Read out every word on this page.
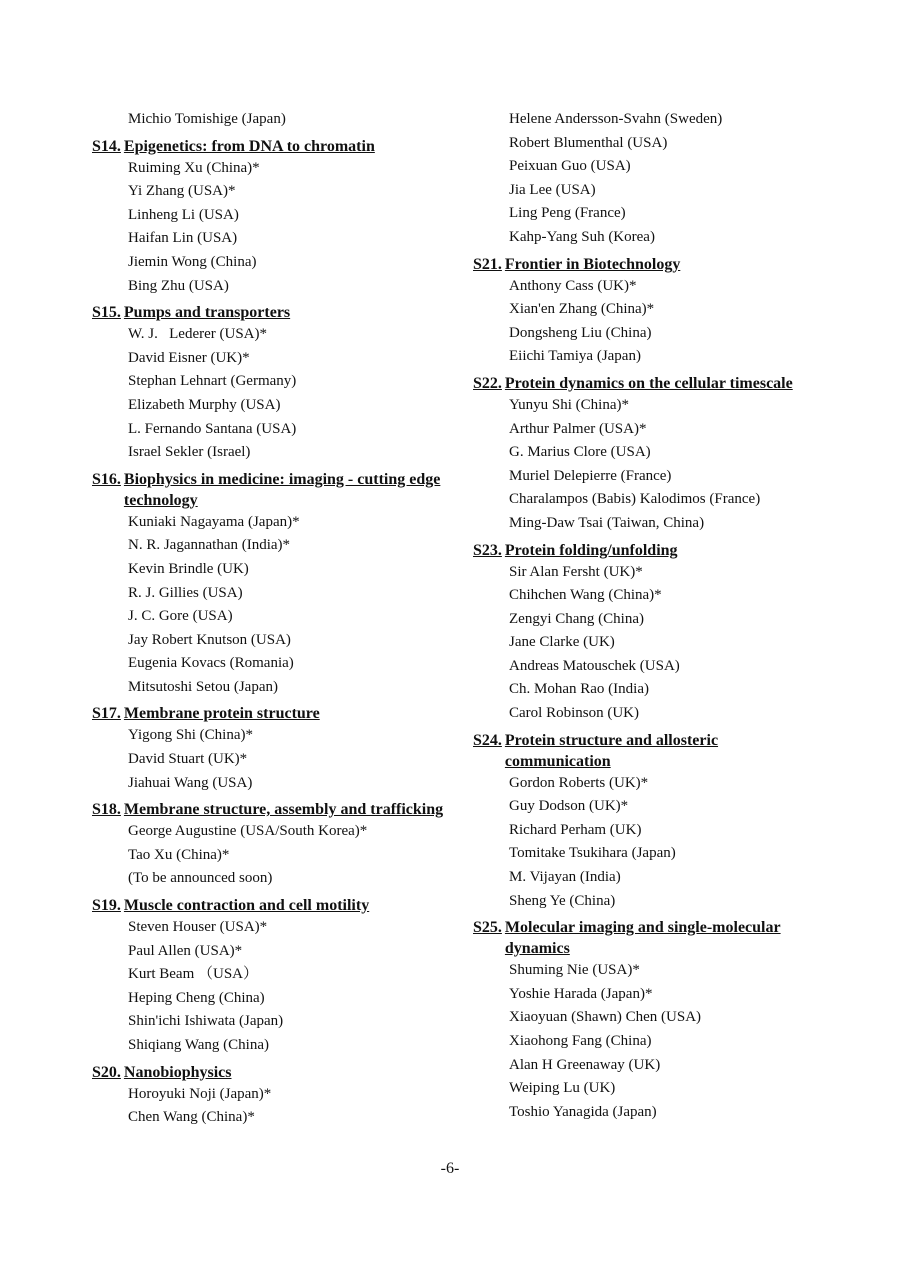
Michio Tomishige (Japan)
S14. Epigenetics: from DNA to chromatin
Ruiming Xu (China)*
Yi Zhang (USA)*
Linheng Li (USA)
Haifan Lin (USA)
Jiemin Wong (China)
Bing Zhu (USA)
S15. Pumps and transporters
W. J.   Lederer (USA)*
David Eisner (UK)*
Stephan Lehnart (Germany)
Elizabeth Murphy (USA)
L. Fernando Santana (USA)
Israel Sekler (Israel)
S16. Biophysics in medicine: imaging - cutting edge technology
Kuniaki Nagayama (Japan)*
N. R. Jagannathan (India)*
Kevin Brindle (UK)
R. J. Gillies (USA)
J. C. Gore (USA)
Jay Robert Knutson (USA)
Eugenia Kovacs (Romania)
Mitsutoshi Setou (Japan)
S17. Membrane protein structure
Yigong Shi (China)*
David Stuart (UK)*
Jiahuai Wang (USA)
S18. Membrane structure, assembly and trafficking
George Augustine (USA/South Korea)*
Tao Xu (China)*
(To be announced soon)
S19. Muscle contraction and cell motility
Steven Houser (USA)*
Paul Allen (USA)*
Kurt Beam （USA）
Heping Cheng (China)
Shin'ichi Ishiwata (Japan)
Shiqiang Wang (China)
S20. Nanobiophysics
Horoyuki Noji (Japan)*
Chen Wang (China)*
Helene Andersson-Svahn (Sweden)
Robert Blumenthal (USA)
Peixuan Guo (USA)
Jia Lee (USA)
Ling Peng (France)
Kahp-Yang Suh (Korea)
S21. Frontier in Biotechnology
Anthony Cass (UK)*
Xian'en Zhang (China)*
Dongsheng Liu (China)
Eiichi Tamiya (Japan)
S22. Protein dynamics on the cellular timescale
Yunyu Shi (China)*
Arthur Palmer (USA)*
G. Marius Clore (USA)
Muriel Delepierre (France)
Charalampos (Babis) Kalodimos (France)
Ming-Daw Tsai (Taiwan, China)
S23. Protein folding/unfolding
Sir Alan Fersht (UK)*
Chihchen Wang (China)*
Zengyi Chang (China)
Jane Clarke (UK)
Andreas Matouschek (USA)
Ch. Mohan Rao (India)
Carol Robinson (UK)
S24. Protein structure and allosteric communication
Gordon Roberts (UK)*
Guy Dodson (UK)*
Richard Perham (UK)
Tomitake Tsukihara (Japan)
M. Vijayan (India)
Sheng Ye (China)
S25. Molecular imaging and single-molecular dynamics
Shuming Nie (USA)*
Yoshie Harada (Japan)*
Xiaoyuan (Shawn) Chen (USA)
Xiaohong Fang (China)
Alan H Greenaway (UK)
Weiping Lu (UK)
Toshio Yanagida (Japan)
-6-
